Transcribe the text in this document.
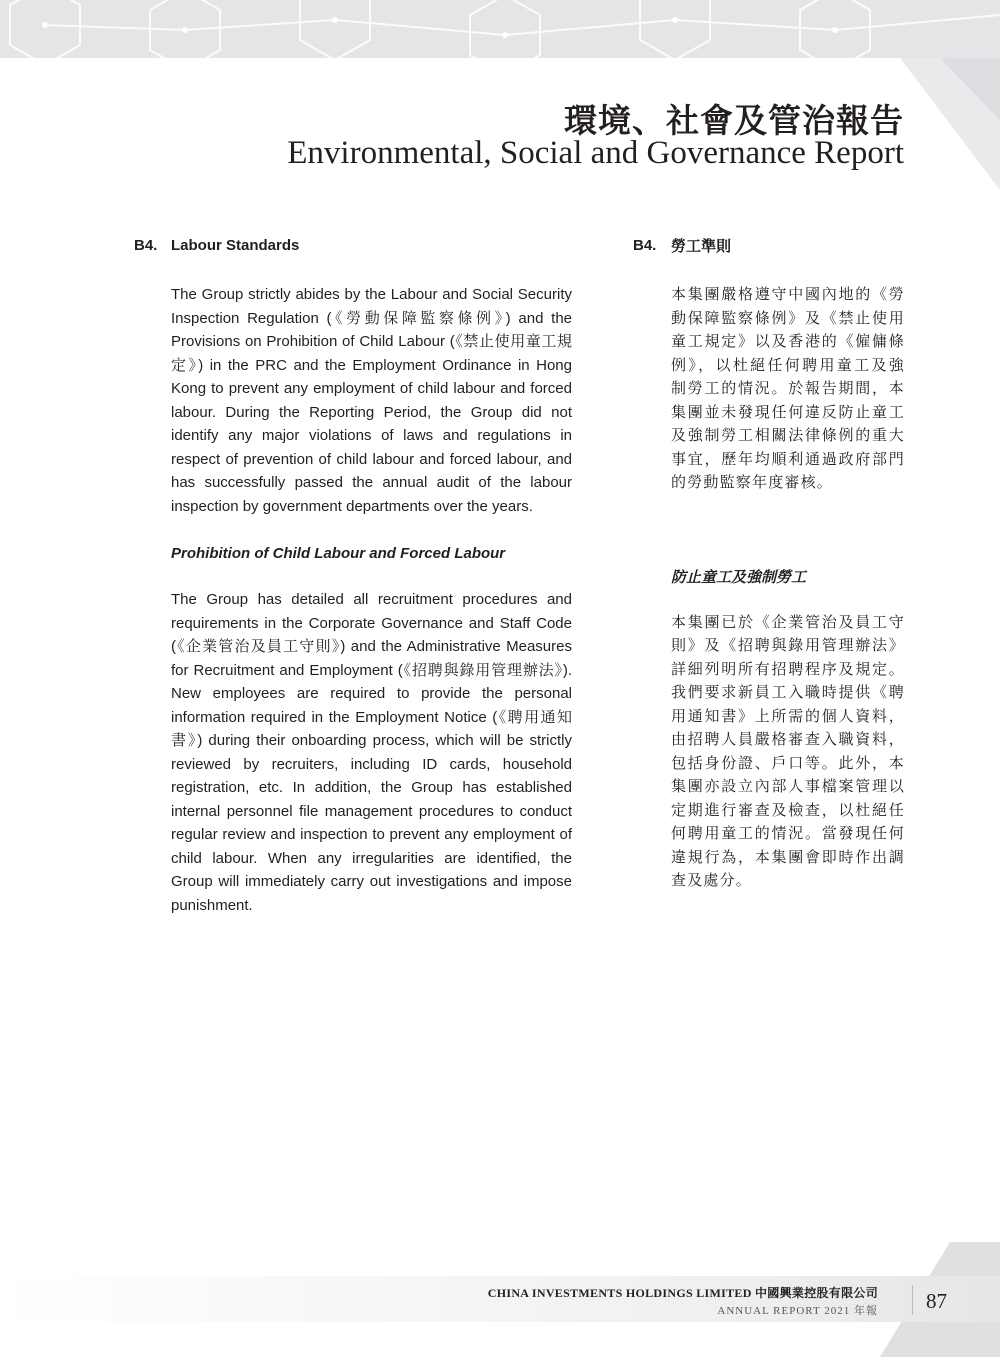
環境、社會及管治報告
Environmental, Social and Governance Report
B4. Labour Standards

The Group strictly abides by the Labour and Social Security Inspection Regulation (《勞動保障監察條例》) and the Provisions on Prohibition of Child Labour (《禁止使用童工規定》) in the PRC and the Employment Ordinance in Hong Kong to prevent any employment of child labour and forced labour. During the Reporting Period, the Group did not identify any major violations of laws and regulations in respect of prevention of child labour and forced labour, and has successfully passed the annual audit of the labour inspection by government departments over the years.

Prohibition of Child Labour and Forced Labour

The Group has detailed all recruitment procedures and requirements in the Corporate Governance and Staff Code (《企業管治及員工守則》) and the Administrative Measures for Recruitment and Employment (《招聘與錄用管理辦法》). New employees are required to provide the personal information required in the Employment Notice (《聘用通知書》) during their onboarding process, which will be strictly reviewed by recruiters, including ID cards, household registration, etc. In addition, the Group has established internal personnel file management procedures to conduct regular review and inspection to prevent any employment of child labour. When any irregularities are identified, the Group will immediately carry out investigations and impose punishment.

B4. 勞工準則

本集團嚴格遵守中國內地的《勞動保障監察條例》及《禁止使用童工規定》以及香港的《僱傭條例》，以杜絕任何聘用童工及強制勞工的情況。於報告期間，本集團並未發現任何違反防止童工及強制勞工相關法律條例的重大事宜，歷年均順利通過政府部門的勞動監察年度審核。

防止童工及強制勞工

本集團已於《企業管治及員工守則》及《招聘與錄用管理辦法》詳細列明所有招聘程序及規定。我們要求新員工入職時提供《聘用通知書》上所需的個人資料，由招聘人員嚴格審查入職資料，包括身份證、戶口等。此外，本集團亦設立內部人事檔案管理以定期進行審查及檢查，以杜絕任何聘用童工的情況。當發現任何違規行為，本集團會即時作出調查及處分。

CHINA INVESTMENTS HOLDINGS LIMITED 中國興業控股有限公司
ANNUAL REPORT 2021 年報 87
